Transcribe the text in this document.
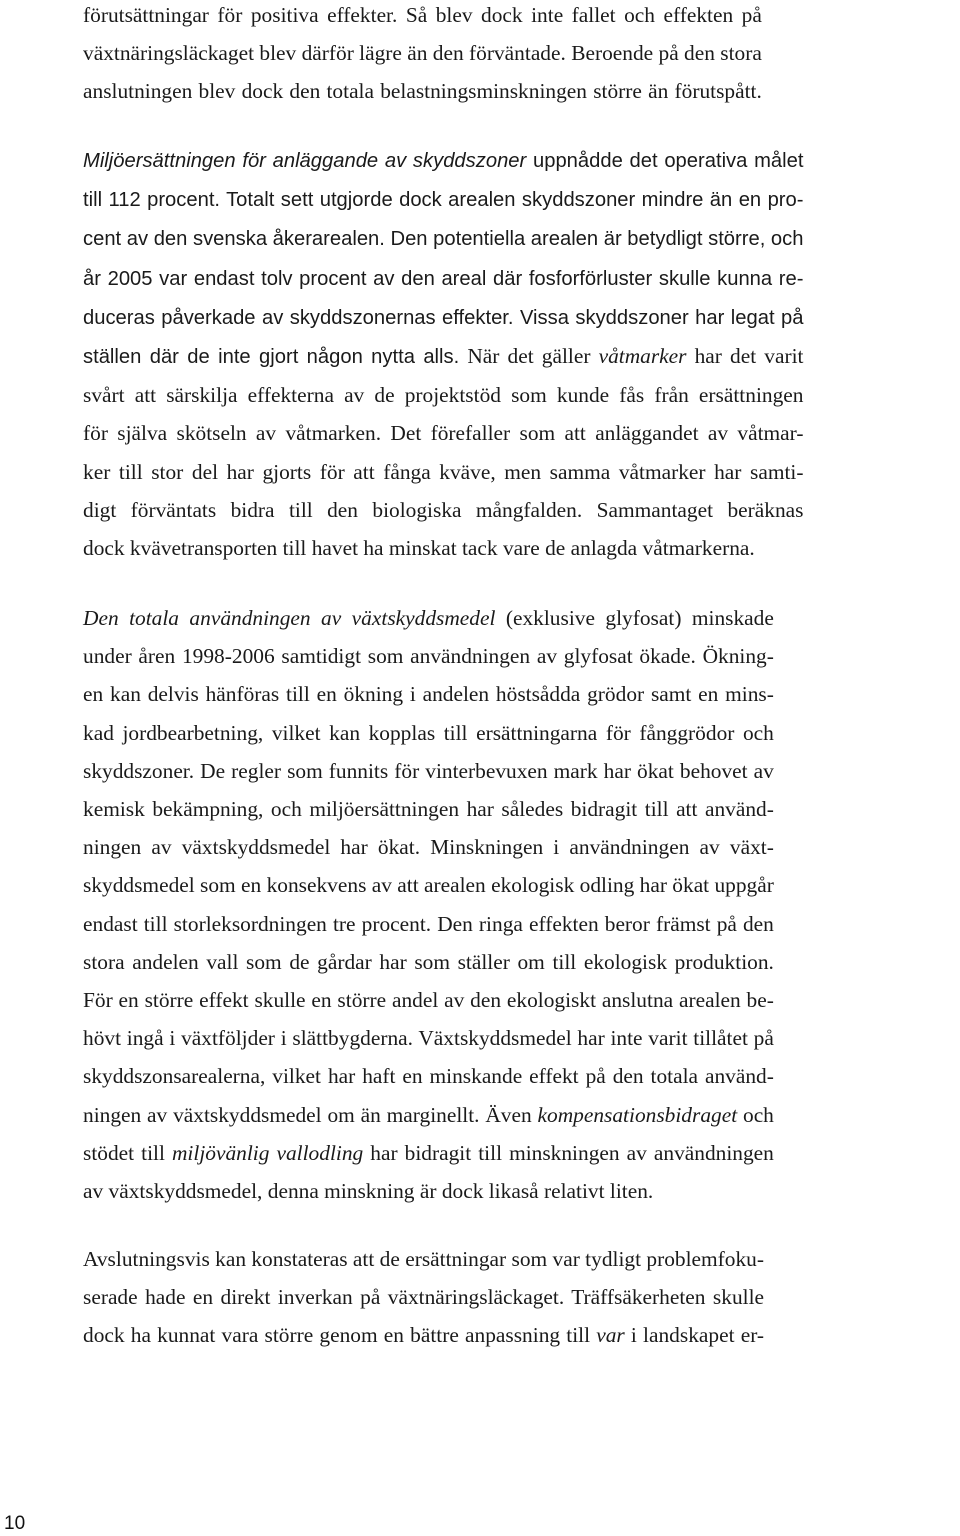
förutsättningar för positiva effekter. Så blev dock inte fallet och effekten på
växtnäringsläckaget blev därför lägre än den förväntade. Beroende på den stora
anslutningen blev dock den totala belastningsminskningen större än förutspått.

Miljöersättningen för anläggande av skyddszoner uppnådde det operativa målet
till 112 procent. Totalt sett utgjorde dock arealen skyddszoner mindre än en pro-
cent av den svenska åkerarealen. Den potentiella arealen är betydligt större, och
år 2005 var endast tolv procent av den areal där fosforförluster skulle kunna re-
duceras påverkade av skyddszonernas effekter. Vissa skyddszoner har legat på
ställen där de inte gjort någon nytta alls. När det gäller våtmarker har det varit
svårt att särskilja effekterna av de projektstöd som kunde fås från ersättningen
för själva skötseln av våtmarken. Det förefaller som att anläggandet av våtmar-
ker till stor del har gjorts för att fånga kväve, men samma våtmarker har samti-
digt förväntats bidra till den biologiska mångfalden. Sammantaget beräknas
dock kvävetransporten till havet ha minskat tack vare de anlagda våtmarkerna.

Den totala användningen av växtskyddsmedel (exklusive glyfosat) minskade
under åren 1998-2006 samtidigt som användningen av glyfosat ökade. Ökning-
en kan delvis hänföras till en ökning i andelen höstsådda grödor samt en mins-
kad jordbearbetning, vilket kan kopplas till ersättningarna för fånggrödor och
skyddszoner. De regler som funnits för vinterbevuxen mark har ökat behovet av
kemisk bekämpning, och miljöersättningen har således bidragit till att använd-
ningen av växtskyddsmedel har ökat. Minskningen i användningen av växt-
skyddsmedel som en konsekvens av att arealen ekologisk odling har ökat uppgår
endast till storleksordningen tre procent. Den ringa effekten beror främst på den
stora andelen vall som de gårdar har som ställer om till ekologisk produktion.
För en större effekt skulle en större andel av den ekologiskt anslutna arealen be-
hövt ingå i växtföljder i slättbygderna. Växtskyddsmedel har inte varit tillåtet på
skyddszonsarealerna, vilket har haft en minskande effekt på den totala använd-
ningen av växtskyddsmedel om än marginellt. Även kompensationsbidraget och
stödet till miljövänlig vallodling har bidragit till minskningen av användningen
av växtskyddsmedel, denna minskning är dock likaså relativt liten.

Avslutningsvis kan konstateras att de ersättningar som var tydligt problemfoku-
serade hade en direkt inverkan på växtnäringsläckaget. Träffsäkerheten skulle
dock ha kunnat vara större genom en bättre anpassning till var i landskapet er-

10
